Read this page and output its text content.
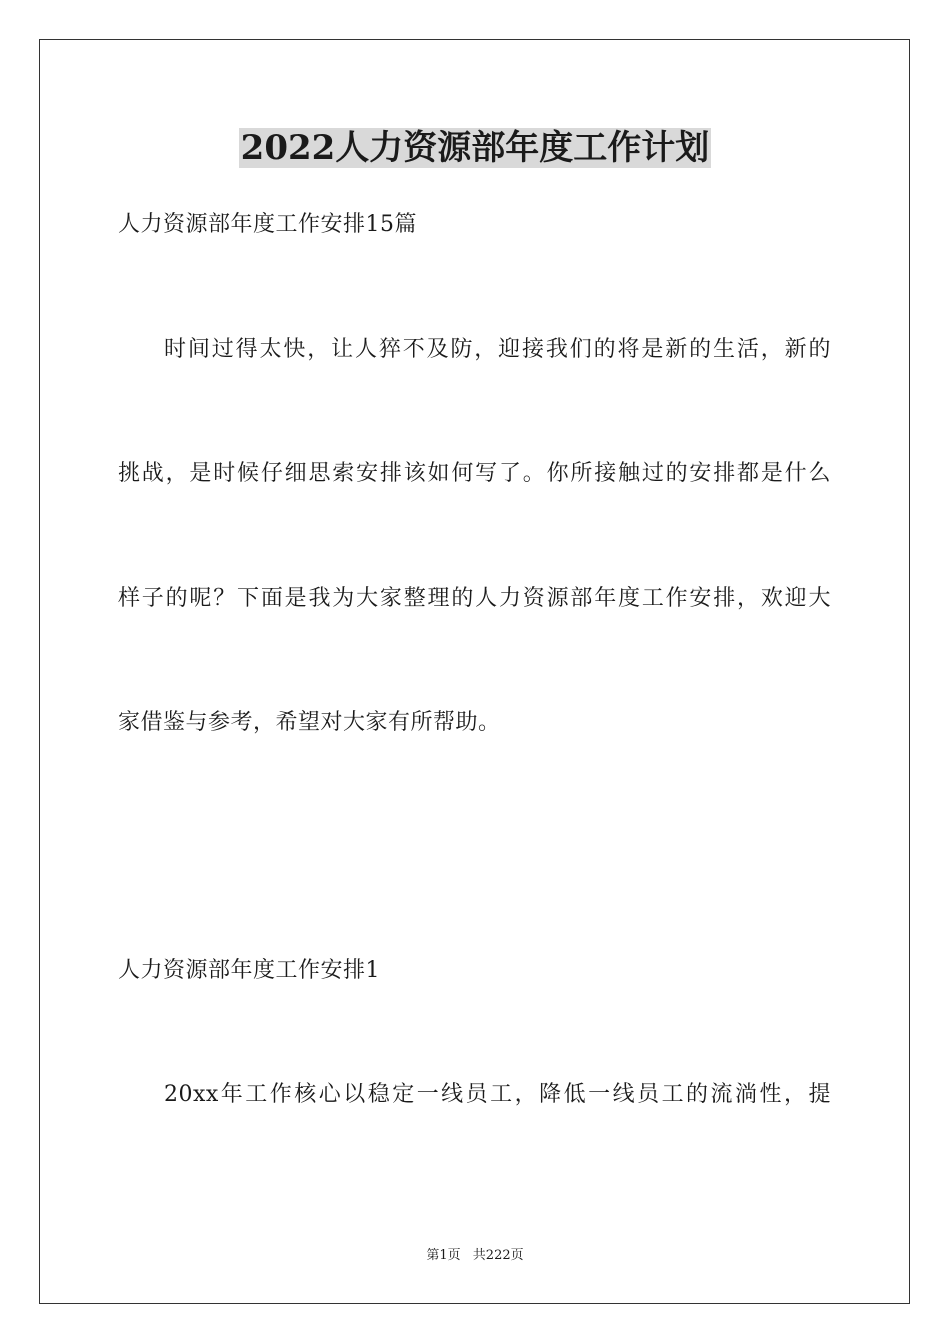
2022人力资源部年度工作计划
人力资源部年度工作安排15篇
时间过得太快，让人猝不及防，迎接我们的将是新的生活，新的
挑战，是时候仔细思索安排该如何写了。你所接触过的安排都是什么
样子的呢？下面是我为大家整理的人力资源部年度工作安排，欢迎大
家借鉴与参考，希望对大家有所帮助。
人力资源部年度工作安排1
20xx年工作核心以稳定一线员工，降低一线员工的流淌性，提
第1页 共222页
